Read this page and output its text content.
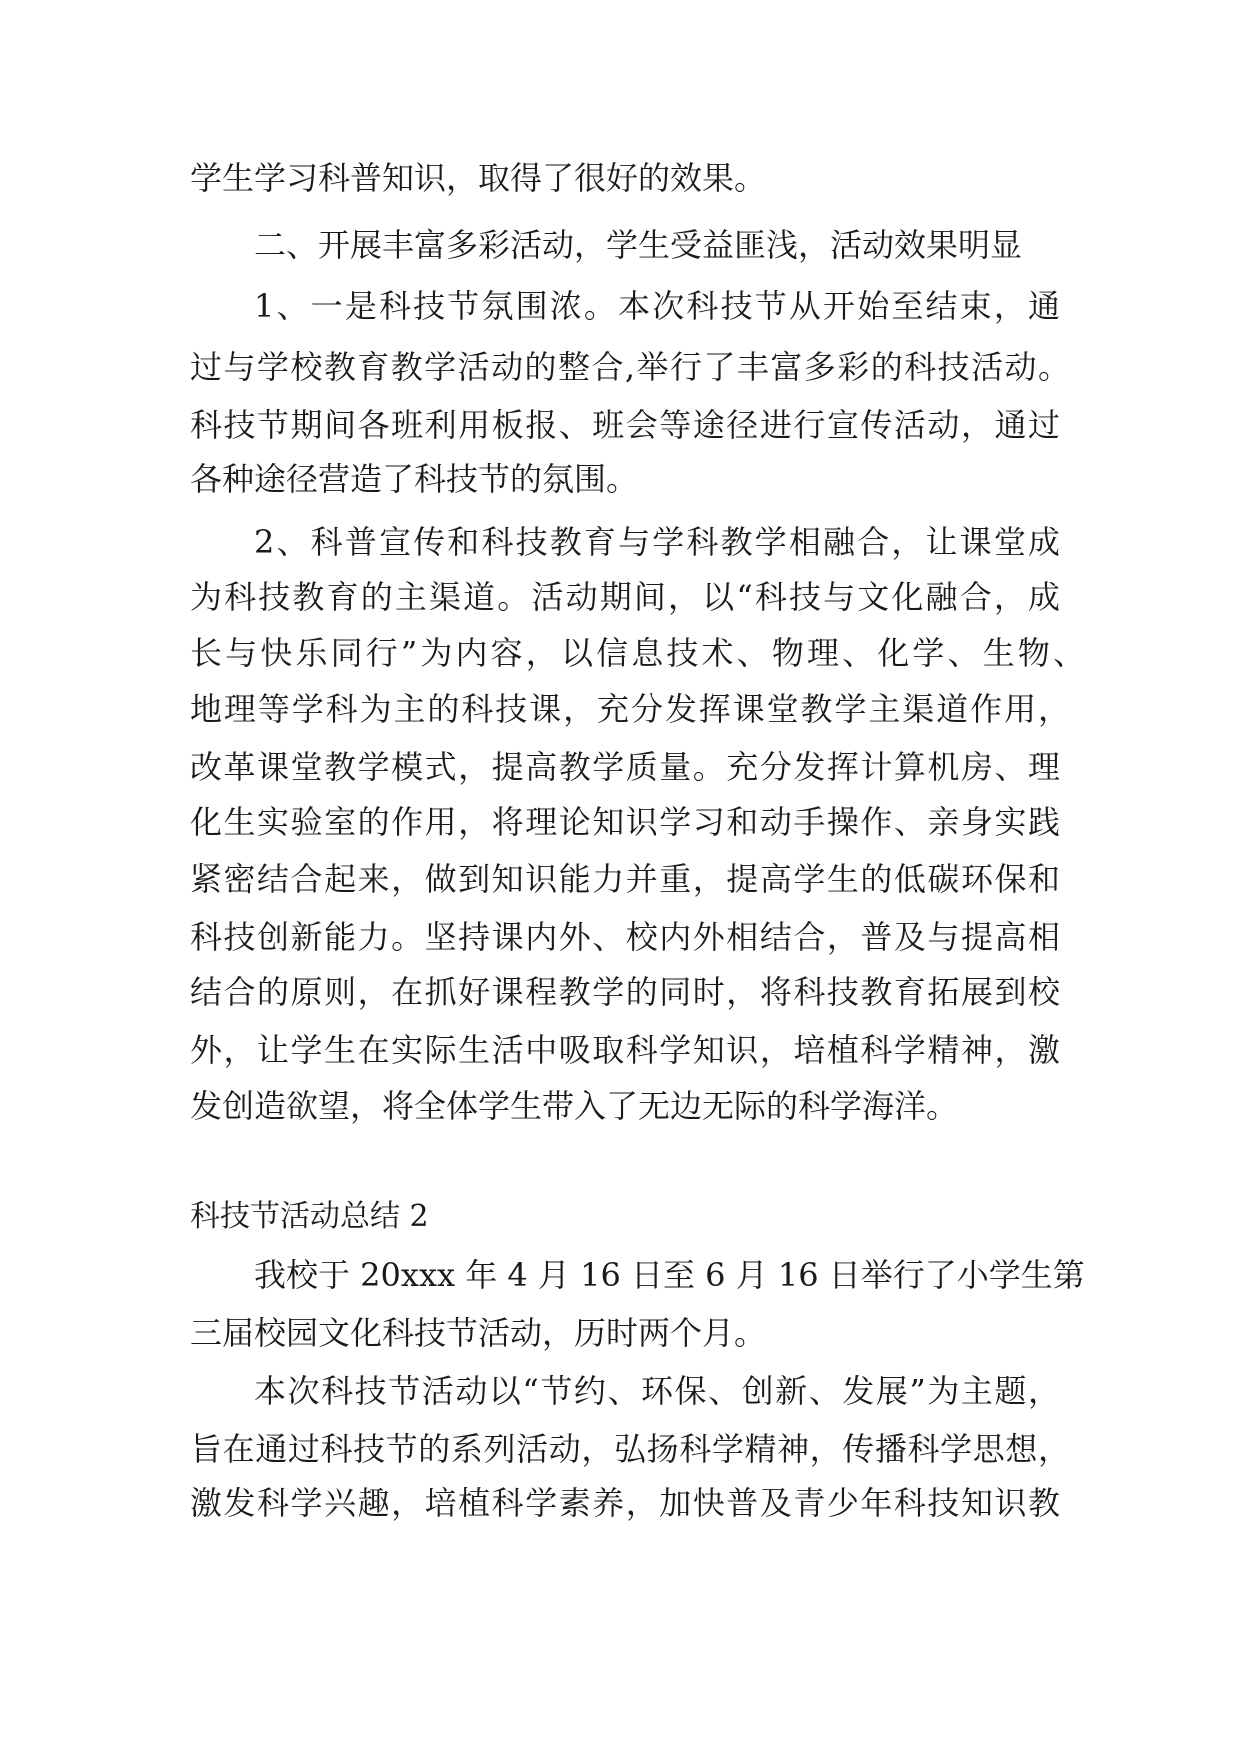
学生学习科普知识，取得了很好的效果。
二、开展丰富多彩活动，学生受益匪浅，活动效果明显
1、一是科技节氛围浓。本次科技节从开始至结束，通
过与学校教育教学活动的整合,举行了丰富多彩的科技活动。
科技节期间各班利用板报、班会等途径进行宣传活动，通过
各种途径营造了科技节的氛围。
2、科普宣传和科技教育与学科教学相融合，让课堂成
为科技教育的主渠道。活动期间，以“科技与文化融合，成
长与快乐同行”为内容，以信息技术、物理、化学、生物、
地理等学科为主的科技课，充分发挥课堂教学主渠道作用，
改革课堂教学模式，提高教学质量。充分发挥计算机房、理
化生实验室的作用，将理论知识学习和动手操作、亲身实践
紧密结合起来，做到知识能力并重，提高学生的低碳环保和
科技创新能力。坚持课内外、校内外相结合，普及与提高相
结合的原则，在抓好课程教学的同时，将科技教育拓展到校
外，让学生在实际生活中吸取科学知识，培植科学精神，激
发创造欲望，将全体学生带入了无边无际的科学海洋。
科技节活动总结 2
我校于 20xxx 年 4 月 16 日至 6 月 16 日举行了小学生第
三届校园文化科技节活动，历时两个月。
本次科技节活动以“节约、环保、创新、发展”为主题，
旨在通过科技节的系列活动，弘扬科学精神，传播科学思想，
激发科学兴趣，培植科学素养，加快普及青少年科技知识教
